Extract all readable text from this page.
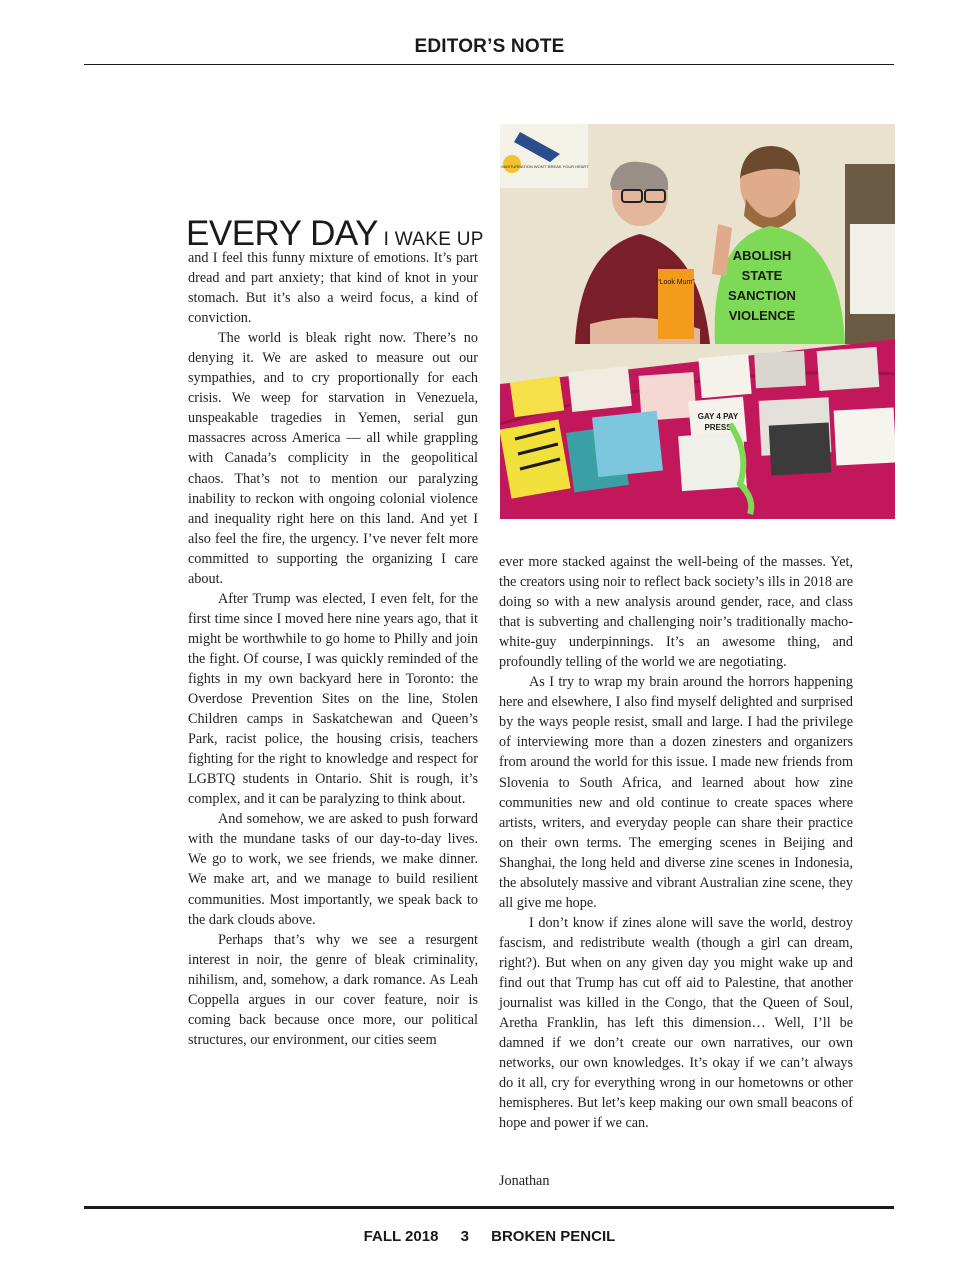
EDITOR’S NOTE
MASTURBATION WON'T BREAK YOUR HEART
ABOLISH
STATE
SANCTION
VIOLENCE
“Look Mum”
GAY 4 PAY
PRESS
EVERY DAY I WAKE UP

and I feel this funny mixture of emotions. It’s part dread and part anxiety; that kind of knot in your stomach. But it’s also a weird focus, a kind of conviction.

The world is bleak right now. There’s no denying it. We are asked to measure out our sympathies, and to cry proportionally for each crisis. We weep for starvation in Venezuela, unspeakable tragedies in Yemen, serial gun massacres across America — all while grappling with Canada’s complicity in the geopolitical chaos. That’s not to mention our paralyzing inability to reckon with ongoing colonial violence and inequality right here on this land. And yet I also feel the fire, the urgency. I’ve never felt more committed to supporting the organizing I care about.

After Trump was elected, I even felt, for the first time since I moved here nine years ago, that it might be worthwhile to go home to Philly and join the fight. Of course, I was quickly reminded of the fights in my own backyard here in Toronto: the Overdose Prevention Sites on the line, Stolen Children camps in Saskatchewan and Queen’s Park, racist police, the housing crisis, teachers fighting for the right to knowledge and respect for LGBTQ students in Ontario. Shit is rough, it’s complex, and it can be paralyzing to think about.

And somehow, we are asked to push forward with the mundane tasks of our day-to-day lives. We go to work, we see friends, we make dinner. We make art, and we manage to build resilient communities. Most importantly, we speak back to the dark clouds above.

Perhaps that’s why we see a resurgent interest in noir, the genre of bleak criminality, nihilism, and, somehow, a dark romance. As Leah Coppella argues in our cover feature, noir is coming back because once more, our political structures, our environment, our cities seem

ever more stacked against the well-being of the masses. Yet, the creators using noir to reflect back society’s ills in 2018 are doing so with a new analysis around gender, race, and class that is subverting and challenging noir’s traditionally macho-white-guy underpinnings. It’s an awesome thing, and profoundly telling of the world we are negotiating.

As I try to wrap my brain around the horrors happening here and elsewhere, I also find myself delighted and surprised by the ways people resist, small and large. I had the privilege of interviewing more than a dozen zinesters and organizers from around the world for this issue. I made new friends from Slovenia to South Africa, and learned about how zine communities new and old continue to create spaces where artists, writers, and everyday people can share their practice on their own terms. The emerging scenes in Beijing and Shanghai, the long held and diverse zine scenes in Indonesia, the absolutely massive and vibrant Australian zine scene, they all give me hope.

I don’t know if zines alone will save the world, destroy fascism, and redistribute wealth (though a girl can dream, right?). But when on any given day you might wake up and find out that Trump has cut off aid to Palestine, that another journalist was killed in the Congo, that the Queen of Soul, Aretha Franklin, has left this dimension… Well, I’ll be damned if we don’t create our own narratives, our own networks, our own knowledges. It’s okay if we can’t always do it all, cry for everything wrong in our hometowns or other hemispheres. But let’s keep making our own small beacons of hope and power if we can.

Jonathan
FALL 2018 3 BROKEN PENCIL
